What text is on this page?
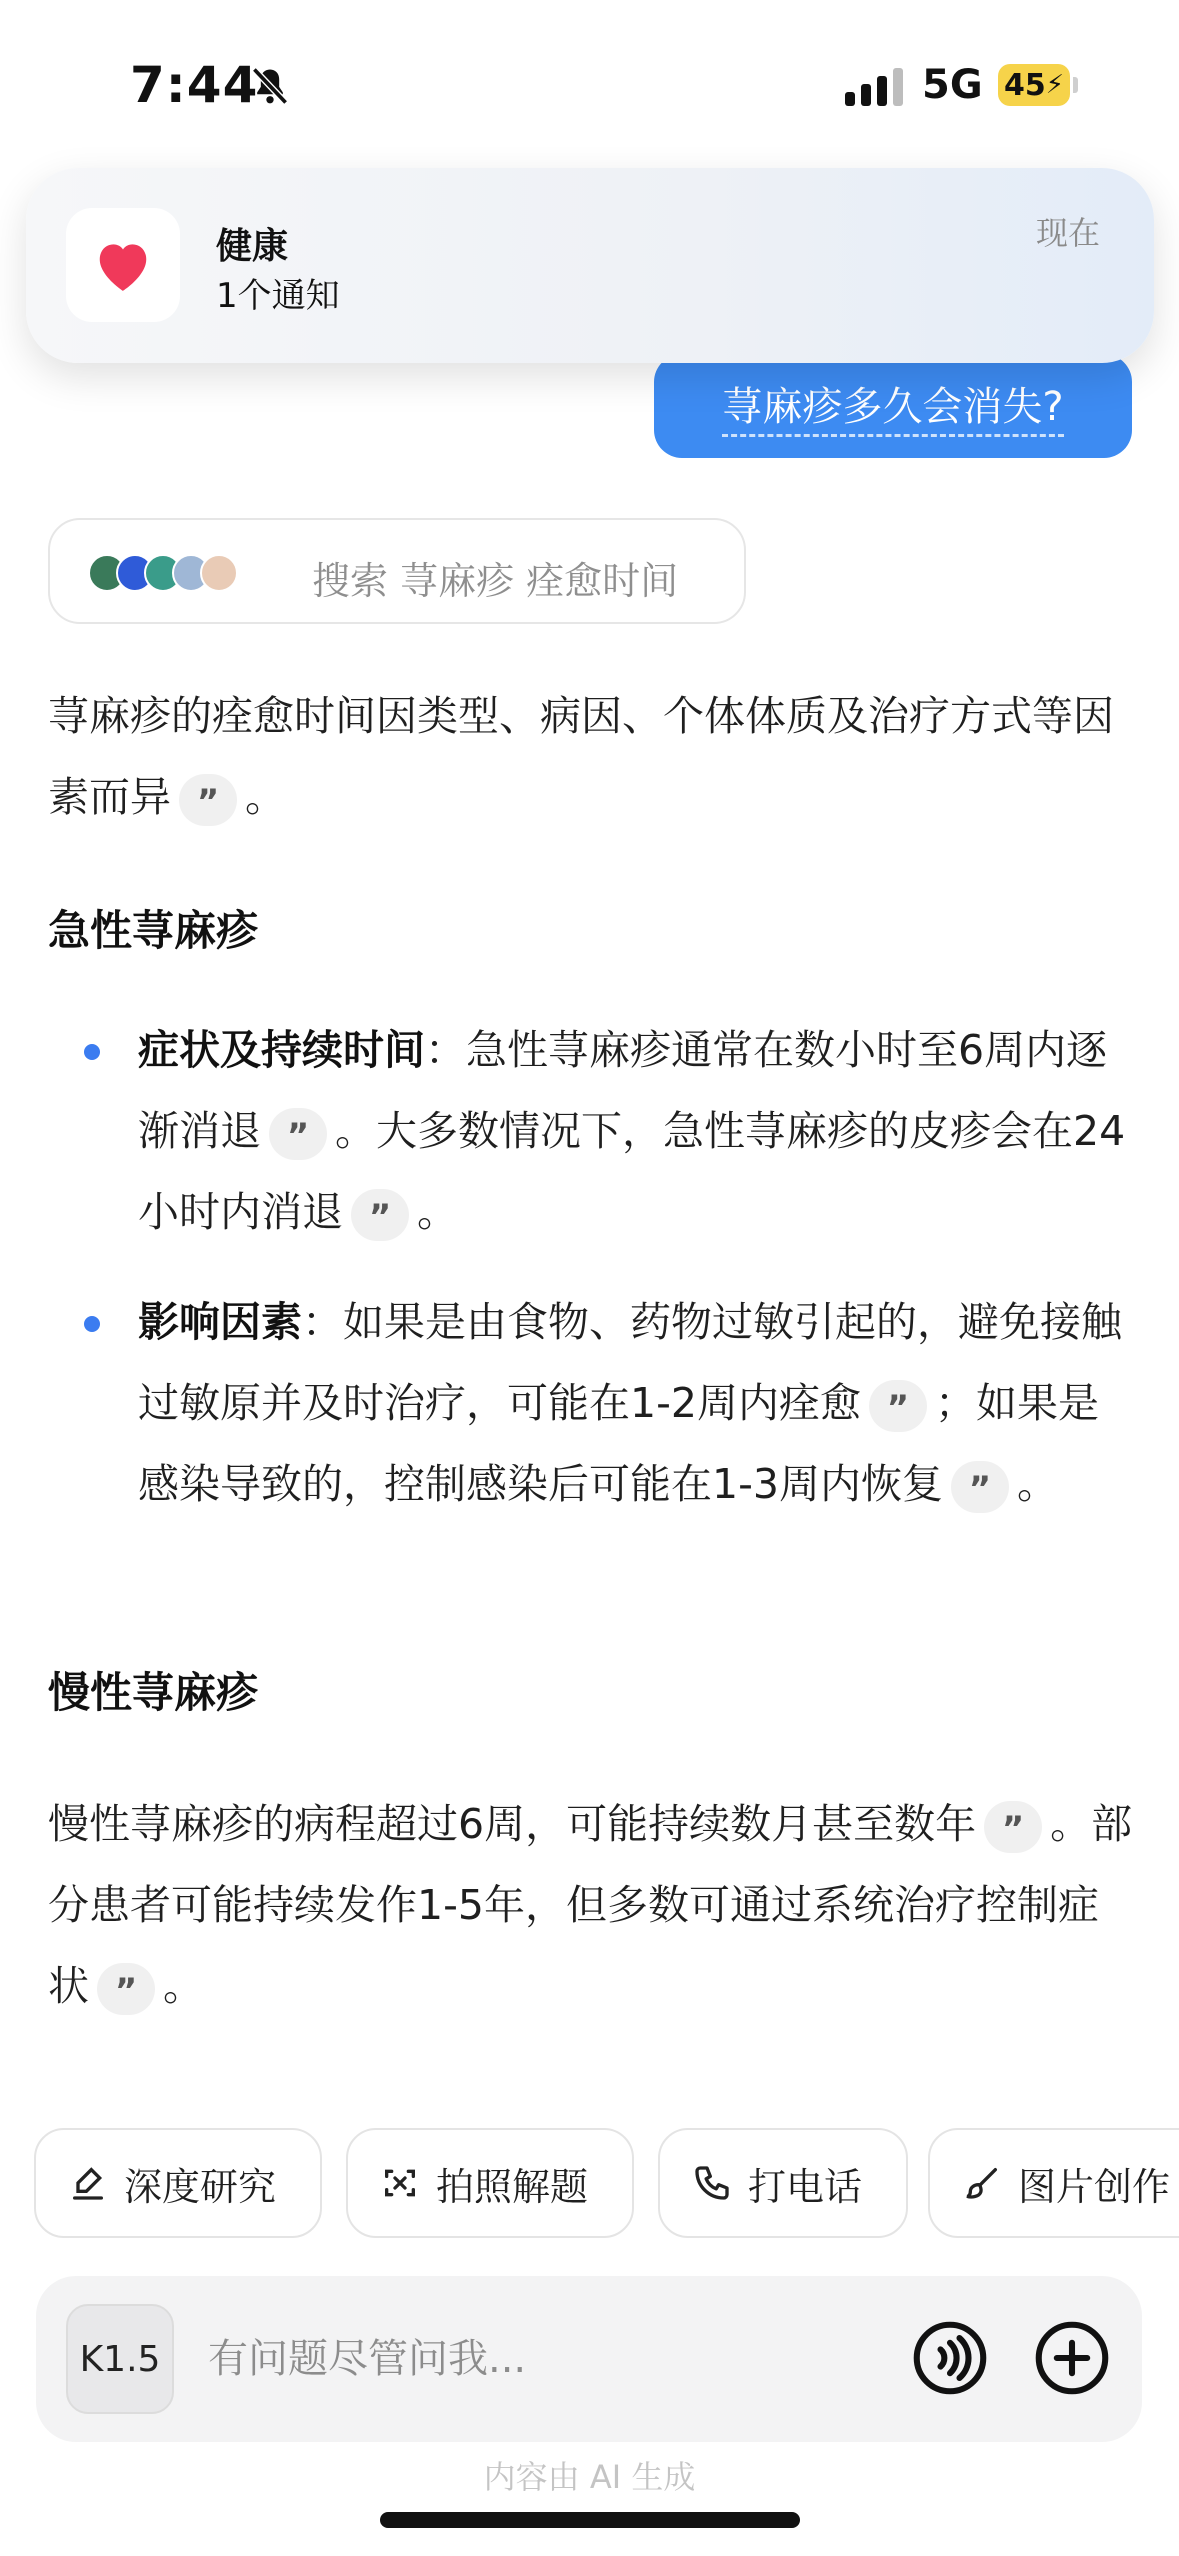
7:44	5G 45 ⚡
荨麻疹多久会消失?
健康
1个通知
现在
搜索 荨麻疹 痊愈时间
荨麻疹的痊愈时间因类型、病因、个体体质及治疗方式等因素而异 ” 。
急性荨麻疹
症状及持续时间：急性荨麻疹通常在数小时至6周内逐渐消退 ” 。大多数情况下，急性荨麻疹的皮疹会在24小时内消退 ” 。
影响因素：如果是由食物、药物过敏引起的，避免接触过敏原并及时治疗，可能在1-2周内痊愈 ” ；如果是感染导致的，控制感染后可能在1-3周内恢复 ” 。
慢性荨麻疹
慢性荨麻疹的病程超过6周，可能持续数月甚至数年 ” 。部分患者可能持续发作1-5年，但多数可通过系统治疗控制症状 ” 。
深度研究	拍照解题	打电话	图片创作
K1.5
有问题尽管问我...
内容由 AI 生成
